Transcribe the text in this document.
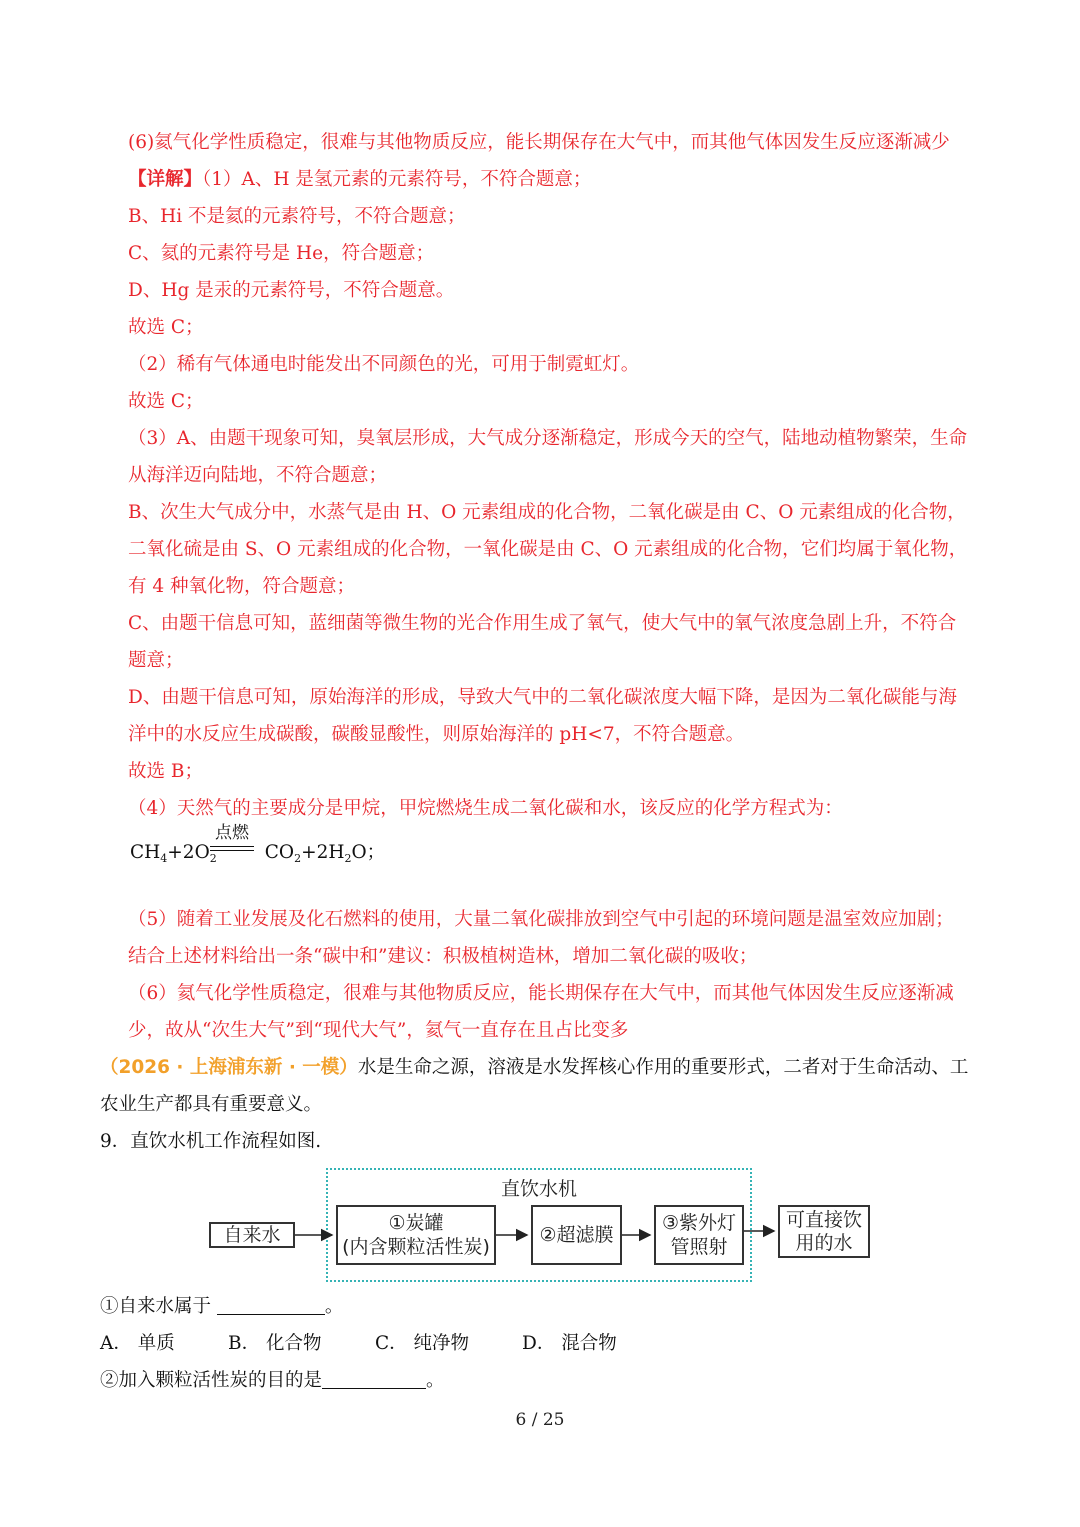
(6)氦气化学性质稳定，很难与其他物质反应，能长期保存在大气中，而其他气体因发生反应逐渐减少
【详解】（1）A、H 是氢元素的元素符号，不符合题意；
B、Hi 不是氦的元素符号，不符合题意；
C、氦的元素符号是 He，符合题意；
D、Hg 是汞的元素符号，不符合题意。
故选 C；
（2）稀有气体通电时能发出不同颜色的光，可用于制霓虹灯。
故选 C；
（3）A、由题干现象可知，臭氧层形成，大气成分逐渐稳定，形成今天的空气，陆地动植物繁荣，生命
从海洋迈向陆地，不符合题意；
B、次生大气成分中，水蒸气是由 H、O 元素组成的化合物，二氧化碳是由 C、O 元素组成的化合物，
二氧化硫是由 S、O 元素组成的化合物，一氧化碳是由 C、O 元素组成的化合物，它们均属于氧化物，
有 4 种氧化物，符合题意；
C、由题干信息可知，蓝细菌等微生物的光合作用生成了氧气，使大气中的氧气浓度急剧上升，不符合
题意；
D、由题干信息可知，原始海洋的形成，导致大气中的二氧化碳浓度大幅下降，是因为二氧化碳能与海
洋中的水反应生成碳酸，碳酸显酸性，则原始海洋的 pH<7，不符合题意。
故选 B；
（4）天然气的主要成分是甲烷，甲烷燃烧生成二氧化碳和水，该反应的化学方程式为：
$CH_4+2O_2$	$CO_2+2H_2O$；
点燃
（5）随着工业发展及化石燃料的使用，大量二氧化碳排放到空气中引起的环境问题是温室效应加剧；
结合上述材料给出一条“碳中和”建议：积极植树造林，增加二氧化碳的吸收；
（6）氦气化学性质稳定，很难与其他物质反应，能长期保存在大气中，而其他气体因发生反应逐渐减
少，故从“次生大气”到“现代大气”，氦气一直存在且占比变多
（2026 · 上海浦东新 · 一模）水是生命之源，溶液是水发挥核心作用的重要形式，二者对于生命活动、工
农业生产都具有重要意义。
9．直饮水机工作流程如图.
直饮水机
自来水
①炭罐
(内含颗粒活性炭)
②超滤膜
③紫外灯
管照射
可直接饮
用的水
①自来水属于	。
A． 单质	B． 化合物	C． 纯净物	D． 混合物
②加入颗粒活性炭的目的是	。
6 / 25
